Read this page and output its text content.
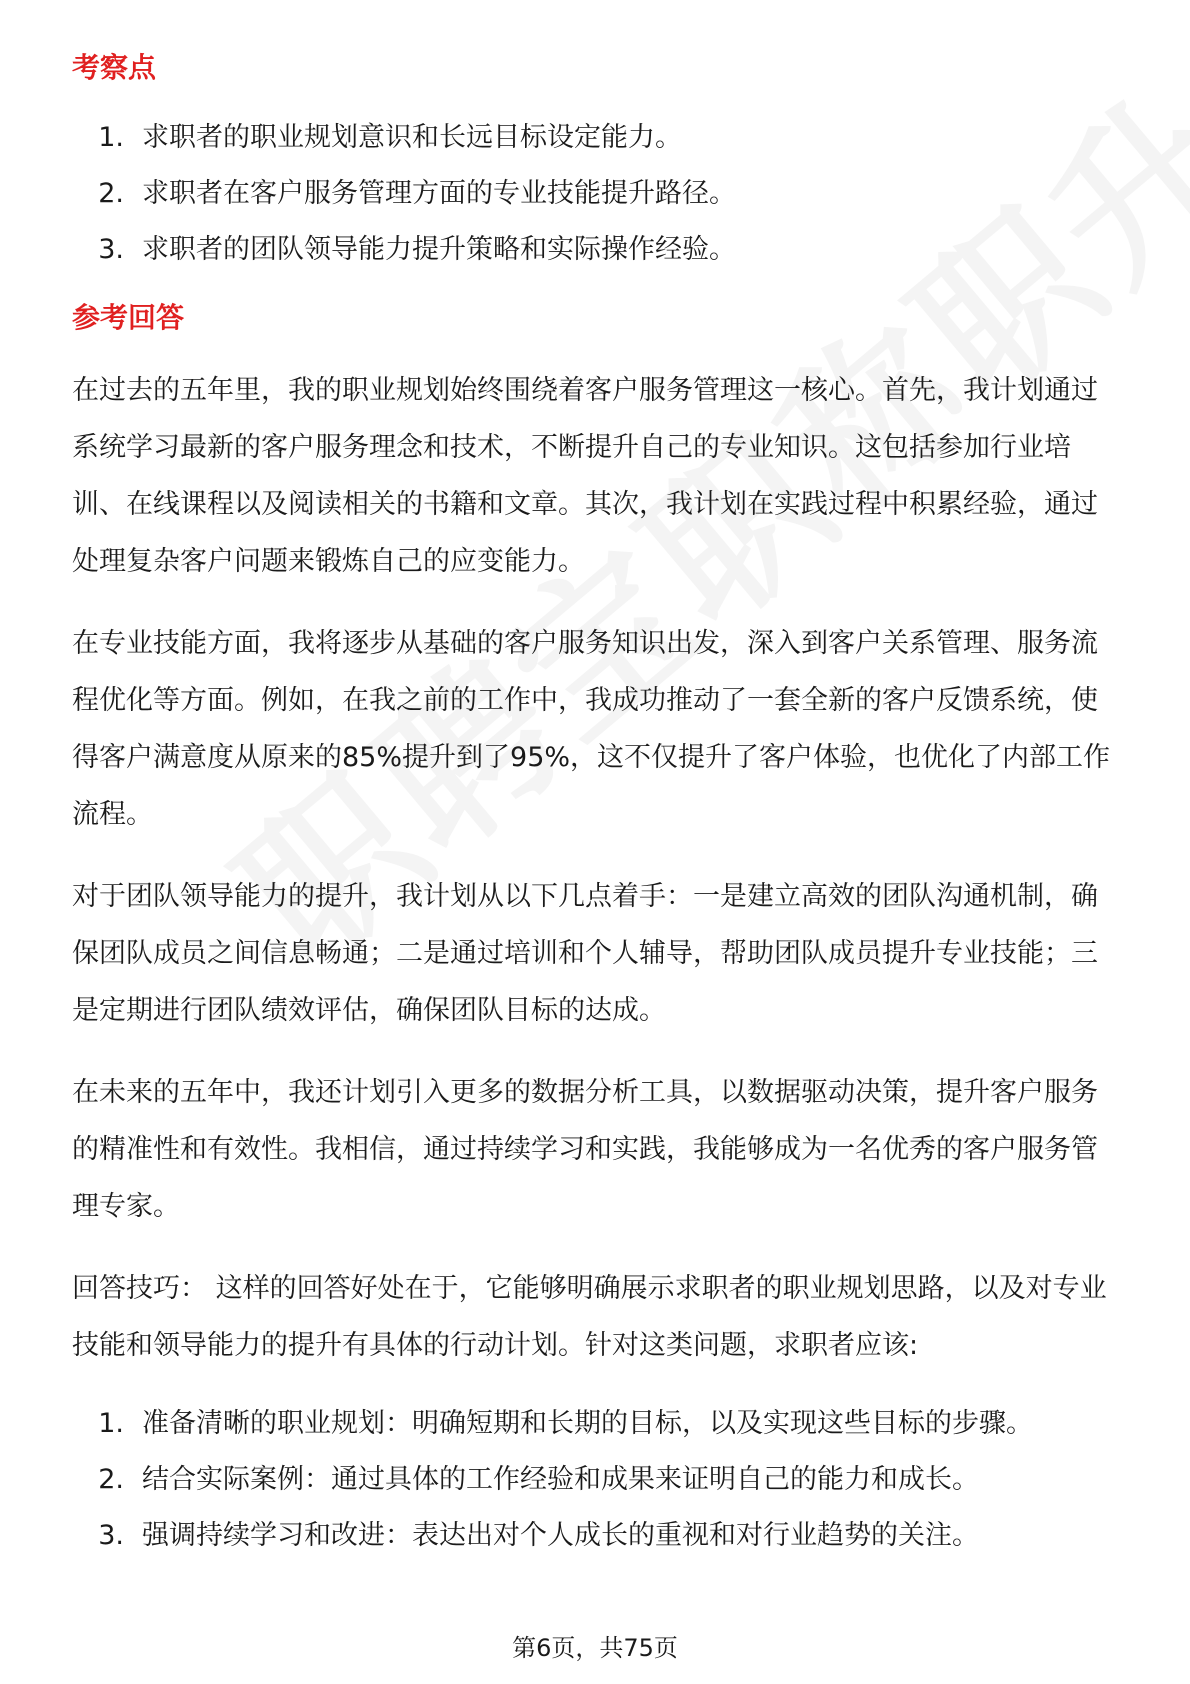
考察点
1. 求职者的职业规划意识和长远目标设定能力。
2. 求职者在客户服务管理方面的专业技能提升路径。
3. 求职者的团队领导能力提升策略和实际操作经验。
参考回答

在过去的五年里，我的职业规划始终围绕着客户服务管理这一核心。首先，我计划通过系统学习最新的客户服务理念和技术，不断提升自己的专业知识。这包括参加行业培训、在线课程以及阅读相关的书籍和文章。其次，我计划在实践过程中积累经验，通过处理复杂客户问题来锻炼自己的应变能力。

在专业技能方面，我将逐步从基础的客户服务知识出发，深入到客户关系管理、服务流程优化等方面。例如，在我之前的工作中，我成功推动了一套全新的客户反馈系统，使得客户满意度从原来的85%提升到了95%，这不仅提升了客户体验，也优化了内部工作流程。

对于团队领导能力的提升，我计划从以下几点着手：一是建立高效的团队沟通机制，确保团队成员之间信息畅通；二是通过培训和个人辅导，帮助团队成员提升专业技能；三是定期进行团队绩效评估，确保团队目标的达成。

在未来的五年中，我还计划引入更多的数据分析工具，以数据驱动决策，提升客户服务的精准性和有效性。我相信，通过持续学习和实践，我能够成为一名优秀的客户服务管理专家。

回答技巧： 这样的回答好处在于，它能够明确展示求职者的职业规划思路，以及对专业技能和领导能力的提升有具体的行动计划。针对这类问题，求职者应该:

1. 准备清晰的职业规划：明确短期和长期的目标，以及实现这些目标的步骤。
2. 结合实际案例：通过具体的工作经验和成果来证明自己的能力和成长。
3. 强调持续学习和改进：表达出对个人成长的重视和对行业趋势的关注。
第6页，共75页
